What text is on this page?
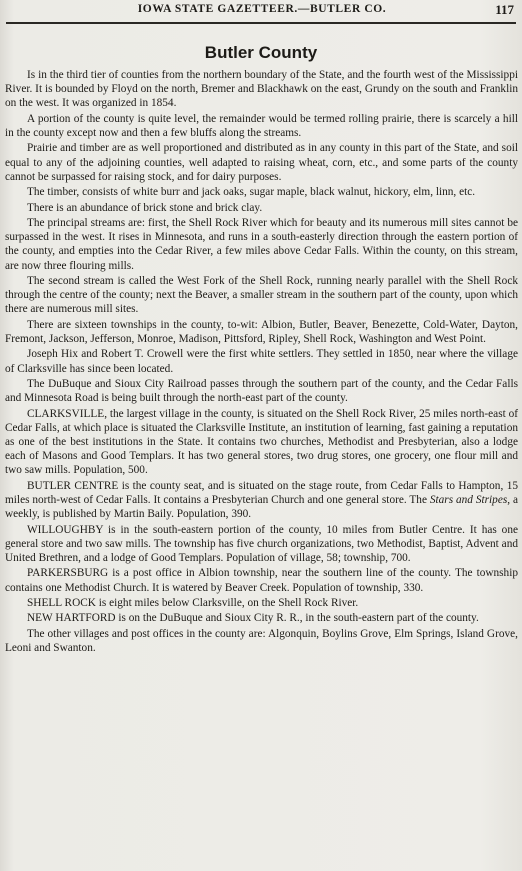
IOWA STATE GAZETTEER.—BUTLER CO.	117
Butler County

Is in the third tier of counties from the northern boundary of the State, and the fourth west of the Mississippi River. It is bounded by Floyd on the north, Bremer and Blackhawk on the east, Grundy on the south and Franklin on the west. It was organized in 1854.

A portion of the county is quite level, the remainder would be termed rolling prairie, there is scarcely a hill in the county except now and then a few bluffs along the streams.

Prairie and timber are as well proportioned and distributed as in any county in this part of the State, and soil equal to any of the adjoining counties, well adapted to raising wheat, corn, etc., and some parts of the county cannot be surpassed for raising stock, and for dairy purposes.

The timber, consists of white burr and jack oaks, sugar maple, black walnut, hickory, elm, linn, etc.

There is an abundance of brick stone and brick clay.

The principal streams are: first, the Shell Rock River which for beauty and its numerous mill sites cannot be surpassed in the west. It rises in Minnesota, and runs in a south-easterly direction through the eastern portion of the county, and empties into the Cedar River, a few miles above Cedar Falls. Within the county, on this stream, are now three flouring mills.

The second stream is called the West Fork of the Shell Rock, running nearly parallel with the Shell Rock through the centre of the county; next the Beaver, a smaller stream in the southern part of the county, upon which there are numerous mill sites.

There are sixteen townships in the county, to-wit: Albion, Butler, Beaver, Benezette, Cold-Water, Dayton, Fremont, Jackson, Jefferson, Monroe, Madison, Pittsford, Ripley, Shell Rock, Washington and West Point.

Joseph Hix and Robert T. Crowell were the first white settlers. They settled in 1850, near where the village of Clarksville has since been located.

The DuBuque and Sioux City Railroad passes through the southern part of the county, and the Cedar Falls and Minnesota Road is being built through the north-east part of the county.

CLARKSVILLE, the largest village in the county, is situated on the Shell Rock River, 25 miles north-east of Cedar Falls, at which place is situated the Clarksville Institute, an institution of learning, fast gaining a reputation as one of the best institutions in the State. It contains two churches, Methodist and Presbyterian, also a lodge each of Masons and Good Templars. It has two general stores, two drug stores, one grocery, one flour mill and two saw mills. Population, 500.

BUTLER CENTRE is the county seat, and is situated on the stage route, from Cedar Falls to Hampton, 15 miles north-west of Cedar Falls. It contains a Presbyterian Church and one general store. The Stars and Stripes, a weekly, is published by Martin Baily. Population, 390.

WILLOUGHBY is in the south-eastern portion of the county, 10 miles from Butler Centre. It has one general store and two saw mills. The township has five church organizations, two Methodist, Baptist, Advent and United Brethren, and a lodge of Good Templars. Population of village, 58; township, 700.

PARKERSBURG is a post office in Albion township, near the southern line of the county. The township contains one Methodist Church. It is watered by Beaver Creek. Population of township, 330.

SHELL ROCK is eight miles below Clarksville, on the Shell Rock River.

NEW HARTFORD is on the DuBuque and Sioux City R. R., in the south-eastern part of the county.

The other villages and post offices in the county are: Algonquin, Boylins Grove, Elm Springs, Island Grove, Leoni and Swanton.
